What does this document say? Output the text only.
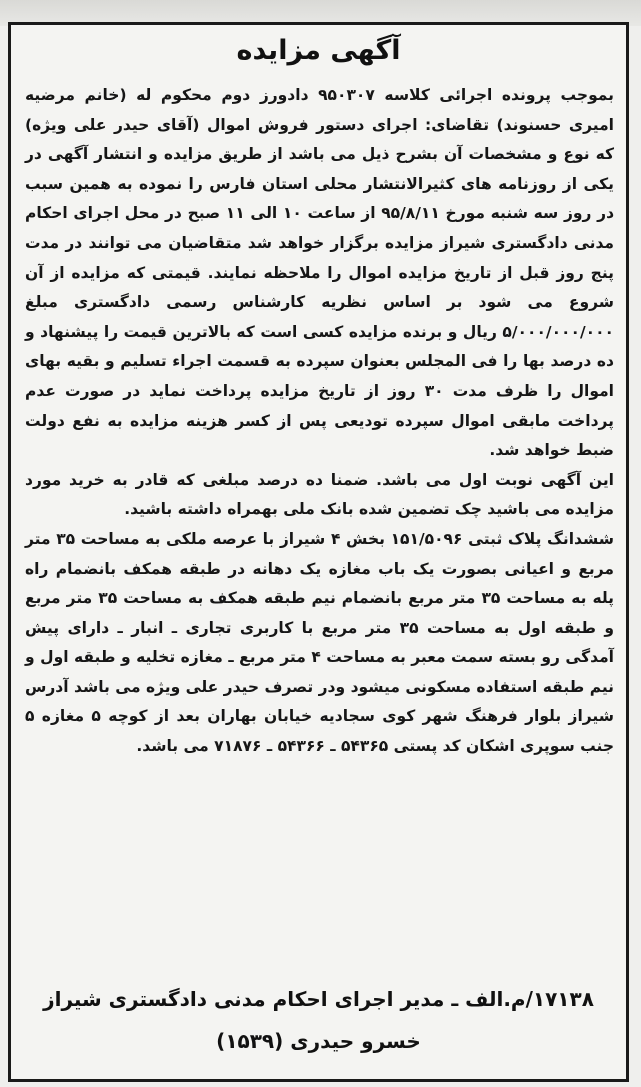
آگهی مزایده

بموجب پرونده اجرائی کلاسه ۹۵۰۳۰۷ دادورز دوم محکوم له (خانم مرضیه امیری حسنوند) تقاضای: اجرای دستور فروش اموال (آقای حیدر علی ویژه) که نوع و مشخصات آن بشرح ذیل می باشد از طریق مزایده و انتشار آگهی در یکی از روزنامه های کثیرالانتشار محلی استان فارس را نموده به همین سبب در روز سه شنبه مورخ ۹۵/۸/۱۱ از ساعت ۱۰ الی ۱۱ صبح در محل اجرای احکام مدنی دادگستری شیراز مزایده برگزار خواهد شد متقاضیان می توانند در مدت پنج روز قبل از تاریخ مزایده اموال را ملاحظه نمایند. قیمتی که مزایده از آن شروع می شود بر اساس نظریه کارشناس رسمی دادگستری مبلغ ۵/۰۰۰/۰۰۰/۰۰۰ ریال و برنده مزایده کسی است که بالاترین قیمت را پیشنهاد و ده درصد بها را فی المجلس بعنوان سپرده به قسمت اجراء تسلیم و بقیه بهای اموال را ظرف مدت ۳۰ روز از تاریخ مزایده پرداخت نماید در صورت عدم پرداخت مابقی اموال سپرده تودیعی پس از کسر هزینه مزایده به نفع دولت ضبط خواهد شد.

این آگهی نوبت اول می باشد. ضمنا ده درصد مبلغی که قادر به خرید مورد مزایده می باشید چک تضمین شده بانک ملی بهمراه داشته باشید.

ششدانگ پلاک ثبتی ۱۵۱/۵۰۹۶ بخش ۴ شیراز با عرصه ملکی به مساحت ۳۵ متر مربع و اعیانی بصورت یک باب مغازه یک دهانه در طبقه همکف بانضمام راه پله به مساحت ۳۵ متر مربع بانضمام نیم طبقه همکف به مساحت ۳۵ متر مربع و طبقه اول به مساحت ۳۵ متر مربع با کاربری تجاری ـ انبار ـ دارای پیش آمدگی رو بسته سمت معبر به مساحت ۴ متر مربع ـ مغازه تخلیه و طبقه اول و نیم طبقه استفاده مسکونی میشود ودر تصرف حیدر علی ویژه می باشد آدرس شیراز بلوار فرهنگ شهر کوی سجادیه خیابان بهاران بعد از کوچه ۵ مغازه ۵ جنب سوپری اشکان کد پستی ۵۴۳۶۵ ـ ۵۴۳۶۶ ـ ۷۱۸۷۶ می باشد.

۱۷۱۳۸/م.الف ـ مدیر اجرای احکام مدنی دادگستری شیراز
خسرو حیدری (۱۵۳۹)
